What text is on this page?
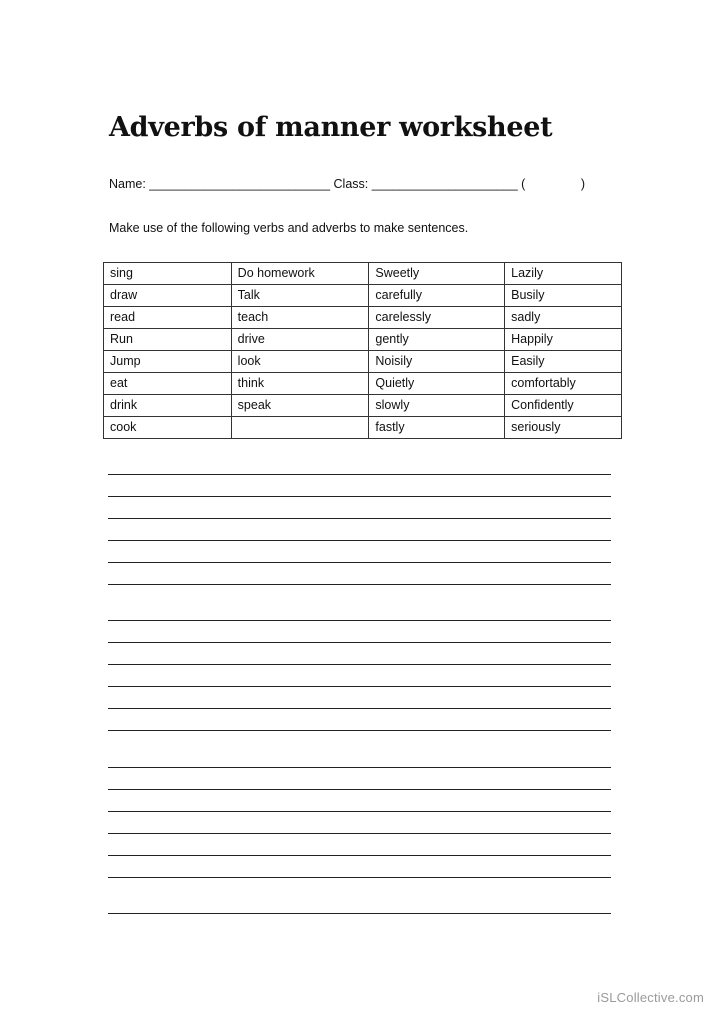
Adverbs of manner worksheet
Name: __________________________ Class: _____________________ (                )
Make use of the following verbs and adverbs to make sentences.
sing	Do homework	Sweetly	Lazily
draw	Talk	carefully	Busily
read	teach	carelessly	sadly
Run	drive	gently	Happily
Jump	look	Noisily	Easily
eat	think	Quietly	comfortably
drink	speak	slowly	Confidently
cook		fastly	seriously
iSLCollective.com
